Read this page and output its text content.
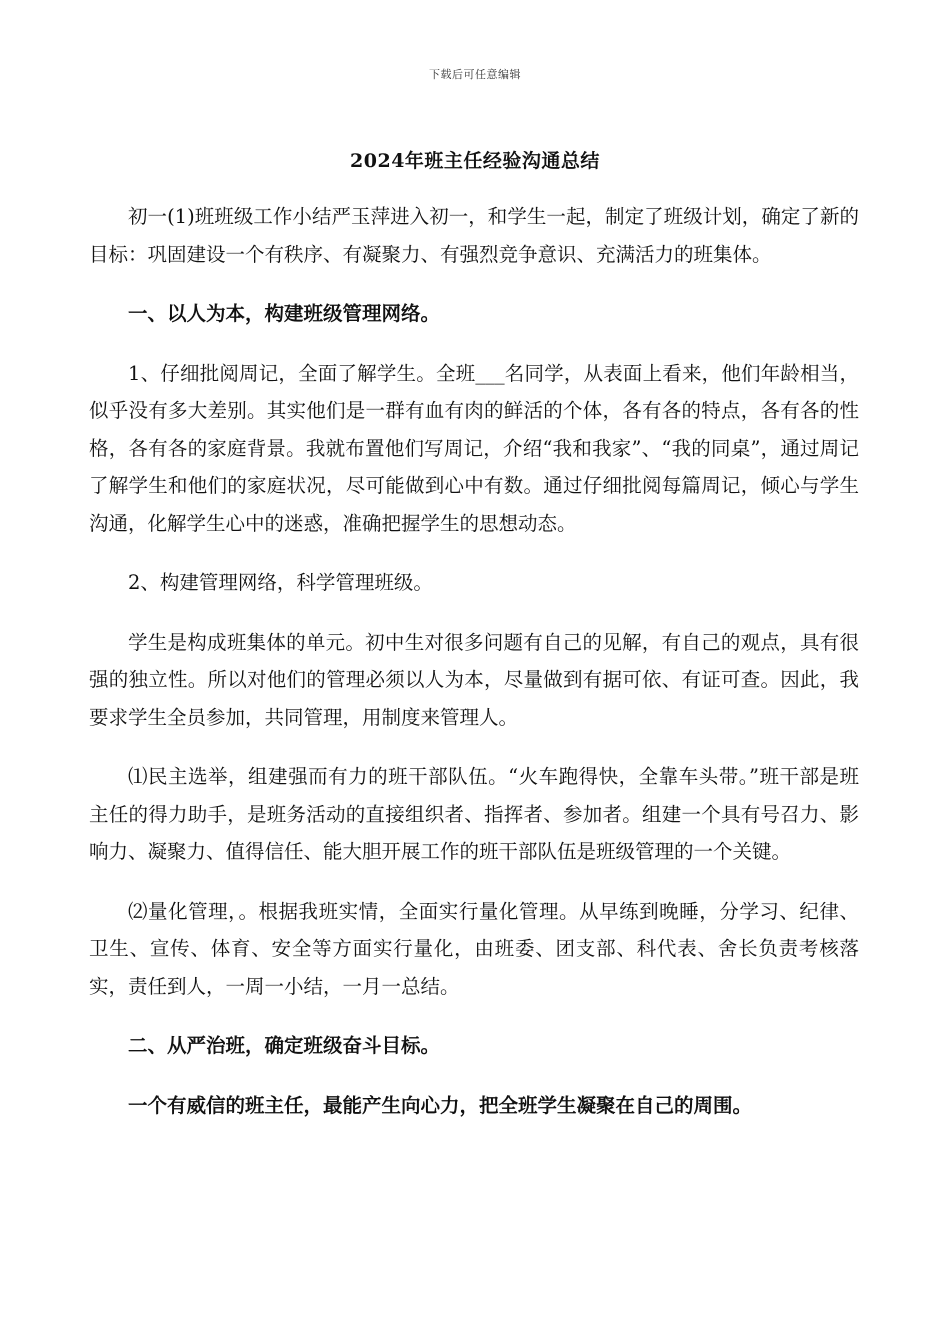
下载后可任意编辑
2024年班主任经验沟通总结

初一(1)班班级工作小结严玉萍进入初一，和学生一起，制定了班级计划，确定了新的目标：巩固建设一个有秩序、有凝聚力、有强烈竞争意识、充满活力的班集体。

一、以人为本，构建班级管理网络。

1、仔细批阅周记，全面了解学生。全班___名同学，从表面上看来，他们年龄相当，似乎没有多大差别。其实他们是一群有血有肉的鲜活的个体，各有各的特点，各有各的性格，各有各的家庭背景。我就布置他们写周记，介绍“我和我家”、“我的同桌”，通过周记了解学生和他们的家庭状况，尽可能做到心中有数。通过仔细批阅每篇周记，倾心与学生沟通，化解学生心中的迷惑，准确把握学生的思想动态。

2、构建管理网络，科学管理班级。

学生是构成班集体的单元。初中生对很多问题有自己的见解，有自己的观点，具有很强的独立性。所以对他们的管理必须以人为本，尽量做到有据可依、有证可查。因此，我要求学生全员参加，共同管理，用制度来管理人。

⑴民主选举，组建强而有力的班干部队伍。“火车跑得快，全靠车头带。”班干部是班主任的得力助手，是班务活动的直接组织者、指挥者、参加者。组建一个具有号召力、影响力、凝聚力、值得信任、能大胆开展工作的班干部队伍是班级管理的一个关键。

⑵量化管理，。根据我班实情，全面实行量化管理。从早练到晚睡，分学习、纪律、卫生、宣传、体育、安全等方面实行量化，由班委、团支部、科代表、舍长负责考核落实，责任到人，一周一小结，一月一总结。

二、从严治班，确定班级奋斗目标。

一个有威信的班主任，最能产生向心力，把全班学生凝聚在自己的周围。
